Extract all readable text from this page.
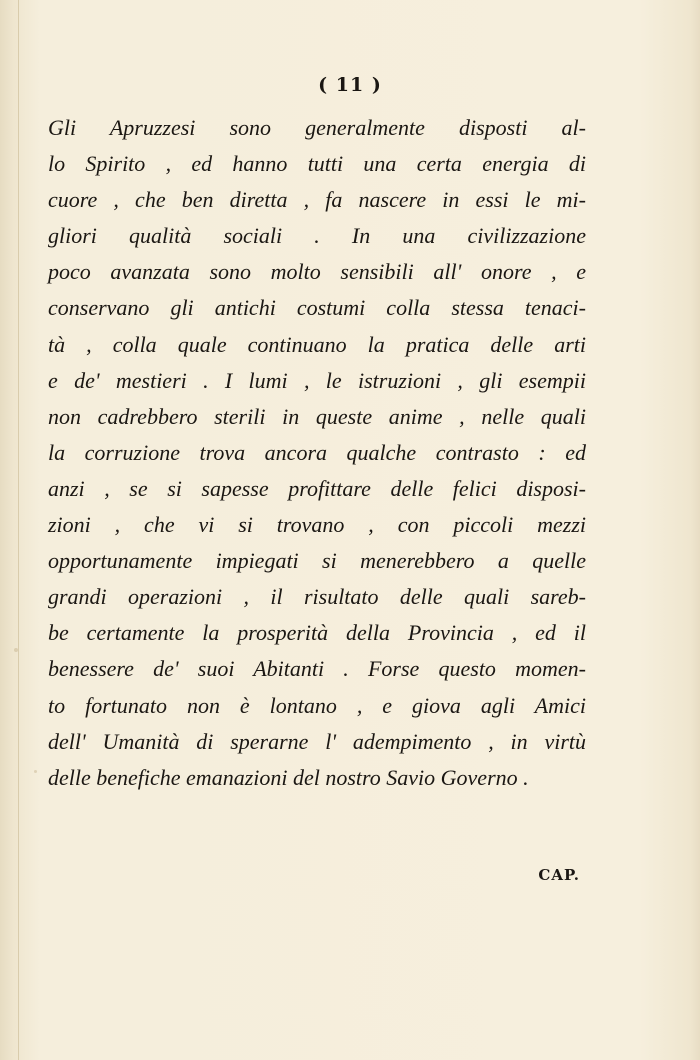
( 11 )
Gli Apruzzesi sono generalmente disposti al-
lo Spirito , ed hanno tutti una certa energia di
cuore , che ben diretta , fa nascere in essi le mi-
gliori qualità sociali . In una civilizzazione
poco avanzata sono molto sensibili all' onore , e
conservano gli antichi costumi colla stessa tenaci-
tà , colla quale continuano la pratica delle arti
e de' mestieri . I lumi , le istruzioni , gli esempii
non cadrebbero sterili in queste anime , nelle quali
la corruzione trova ancora qualche contrasto : ed
anzi , se si sapesse profittare delle felici disposi-
zioni , che vi si trovano , con piccoli mezzi
opportunamente impiegati si menerebbero a quelle
grandi operazioni , il risultato delle quali sareb-
be certamente la prosperità della Provincia , ed il
benessere de' suoi Abitanti . Forse questo momen-
to fortunato non è lontano , e giova agli Amici
dell' Umanità di sperarne l' adempimento , in virtù
delle benefiche emanazioni del nostro Savio Governo .
CAP.
